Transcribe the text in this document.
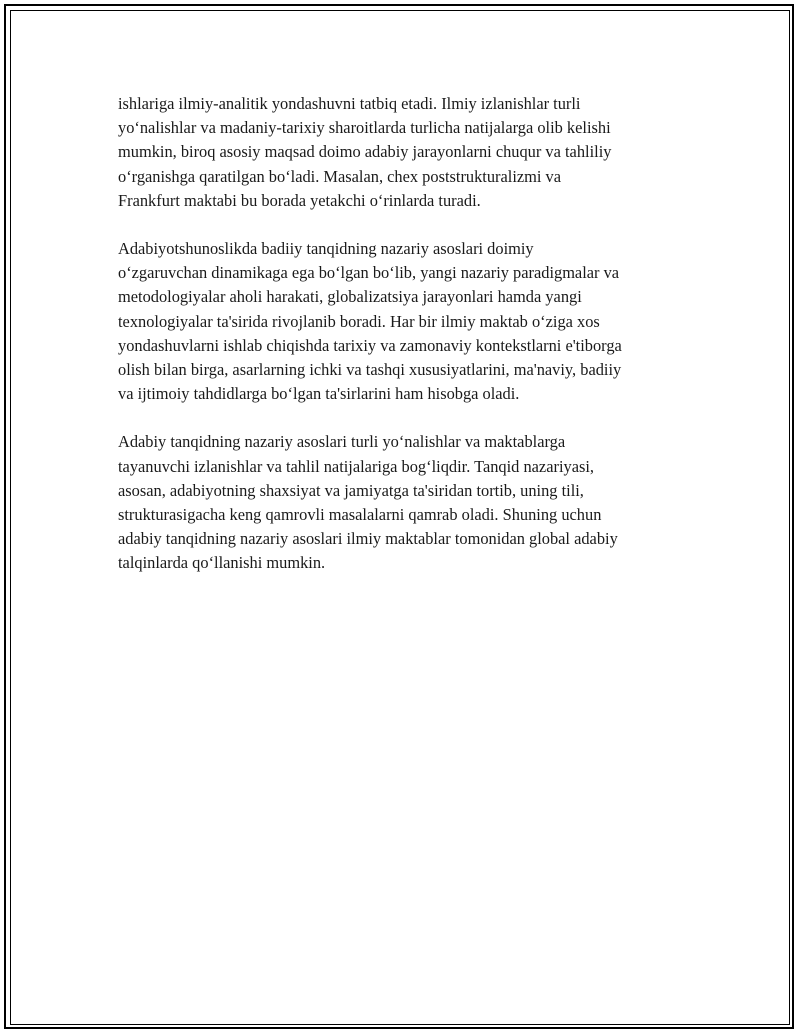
ishlariga ilmiy-analitik yondashuvni tatbiq etadi. Ilmiy izlanishlar turli
yo‘nalishlar va madaniy-tarixiy sharoitlarda turlicha natijalarga olib kelishi
mumkin, biroq asosiy maqsad doimo adabiy jarayonlarni chuqur va tahliliy
o‘rganishga qaratilgan bo‘ladi. Masalan, chex poststrukturalizmi va
Frankfurt maktabi bu borada yetakchi o‘rinlarda turadi.

Adabiyotshunoslikda badiiy tanqidning nazariy asoslari doimiy
o‘zgaruvchan dinamikaga ega bo‘lgan bo‘lib, yangi nazariy paradigmalar va
metodologiyalar aholi harakati, globalizatsiya jarayonlari hamda yangi
texnologiyalar ta'sirida rivojlanib boradi. Har bir ilmiy maktab o‘ziga xos
yondashuvlarni ishlab chiqishda tarixiy va zamonaviy kontekstlarni e'tiborga
olish bilan birga, asarlarning ichki va tashqi xususiyatlarini, ma'naviy, badiiy
va ijtimoiy tahdidlarga bo‘lgan ta'sirlarini ham hisobga oladi.

Adabiy tanqidning nazariy asoslari turli yo‘nalishlar va maktablarga
tayanuvchi izlanishlar va tahlil natijalariga bog‘liqdir. Tanqid nazariyasi,
asosan, adabiyotning shaxsiyat va jamiyatga ta'siridan tortib, uning tili,
strukturasigacha keng qamrovli masalalarni qamrab oladi. Shuning uchun
adabiy tanqidning nazariy asoslari ilmiy maktablar tomonidan global adabiy
talqinlarda qo‘llanishi mumkin.
